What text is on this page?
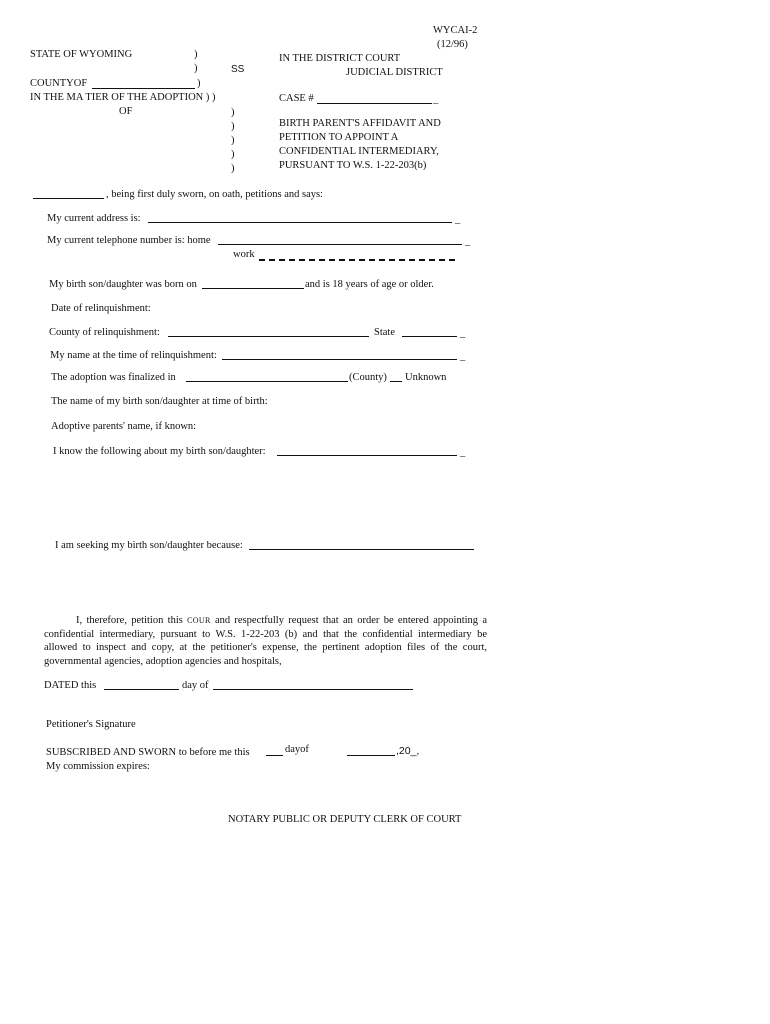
WYCAI-2
(12/96)
STATE OF WYOMING	)
)	SS
COUNTYOF	)
IN THE MA TIER OF THE ADOPTION ) )
OF	)
)
)
)
)
IN THE DISTRICT COURT
JUDICIAL DISTRICT
CASE #	_
BIRTH PARENT'S AFFIDAVIT AND
PETITION TO APPOINT A
CONFIDENTIAL INTERMEDIARY,
PURSUANT TO W.S. 1-22-203(b)
, being first duly sworn, on oath, petitions and says:
My current address is:	_
My current telephone number is: home	_
work
My birth son/daughter was born on	and is 18 years of age or older.
Date of relinquishment:
County of relinquishment:	State	_
My name at the time of relinquishment:	_
The adoption was finalized in	(County) Unknown
The name of my birth son/daughter at time of birth:
Adoptive parents' name, if known:
I know the following about my birth son/daughter:	_
I am seeking my birth son/daughter because:
I, therefore, petition this COUR and respectfully request that an order be entered appointing a confidential intermediary, pursuant to W.S. 1-22-203 (b) and that the confidential intermediary be allowed to inspect and copy, at the petitioner's expense, the pertinent adoption files of the court, governmental agencies, adoption agencies and hospitals,
DATED this	day of
Petitioner's Signature
SUBSCRIBED AND SWORN to before me this	dayof	,20_,
My commission expires:
NOTARY PUBLIC OR DEPUTY CLERK OF COURT
